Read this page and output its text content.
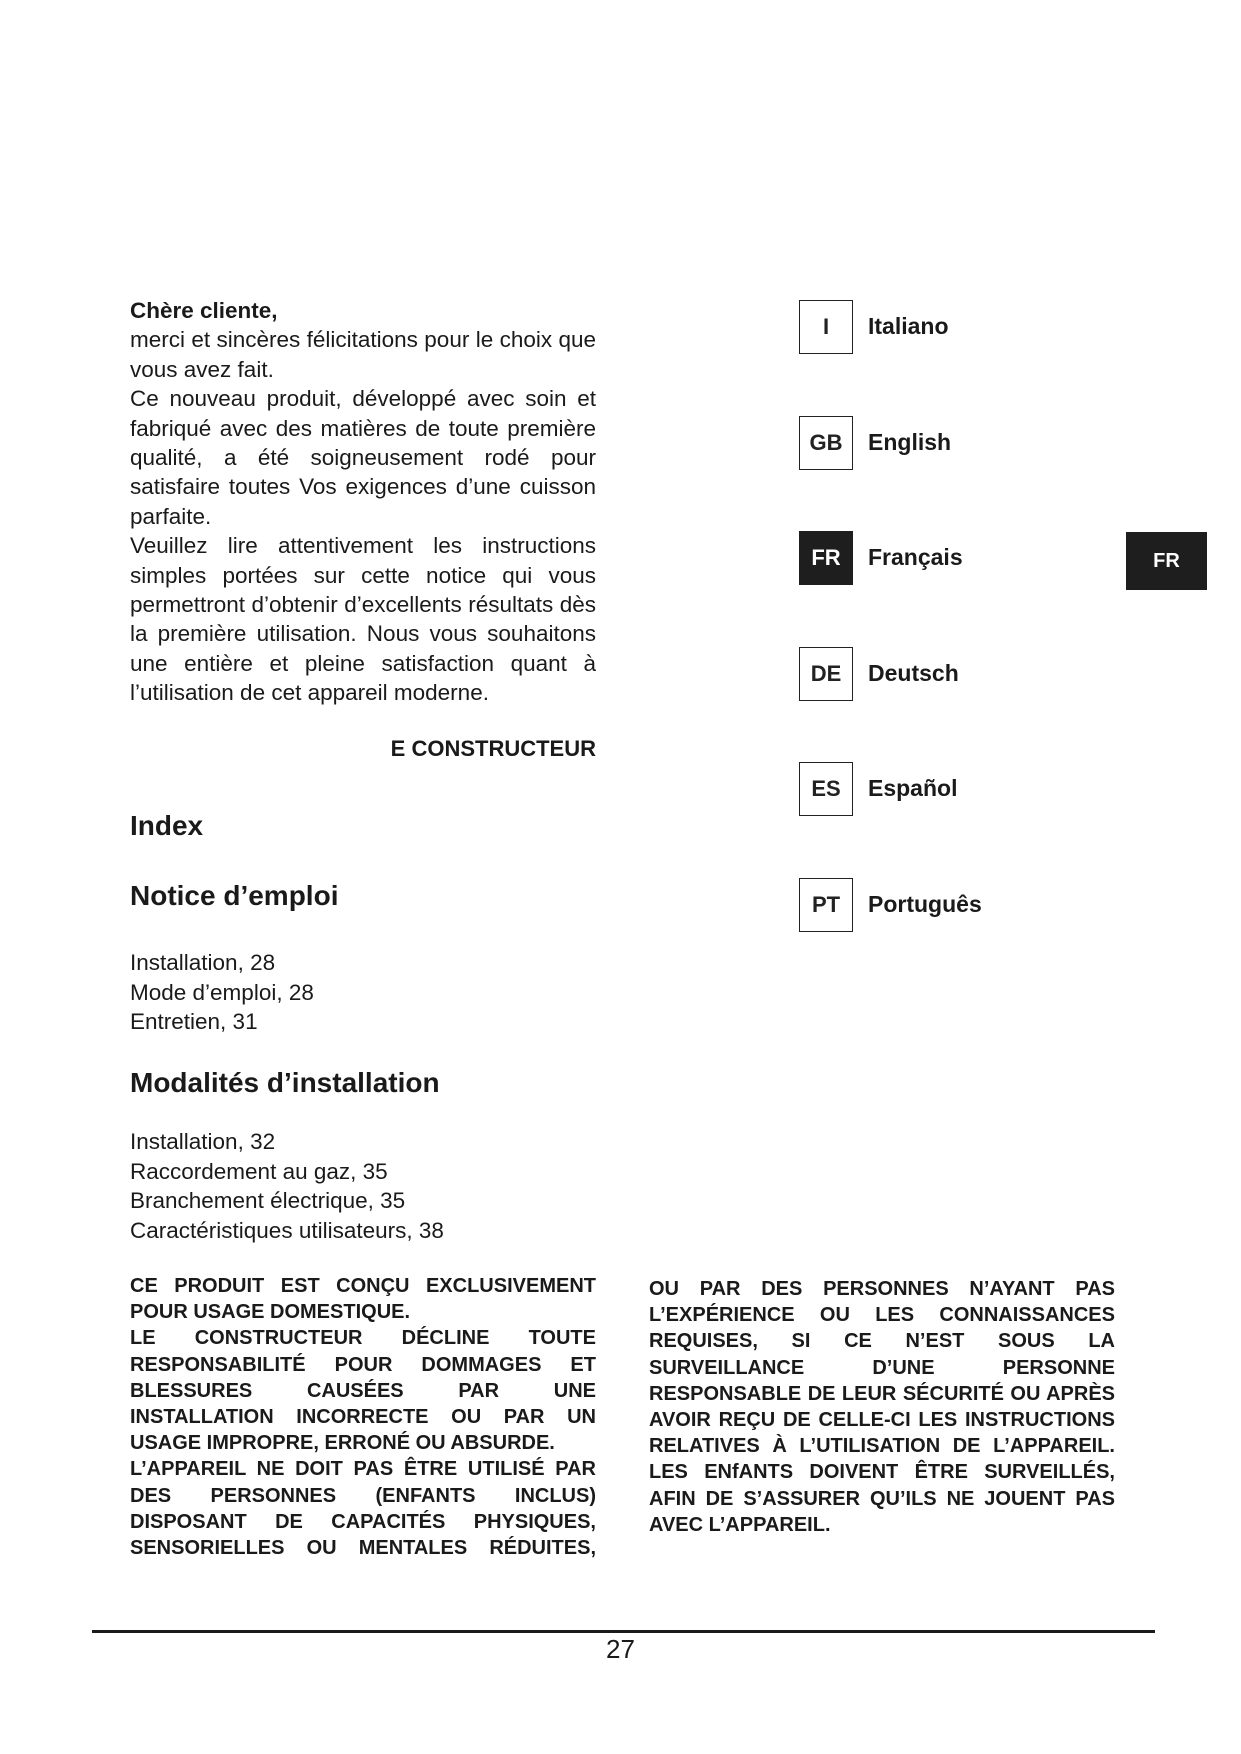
Chère cliente,

merci et sincères félicitations pour le choix que vous avez fait.

Ce nouveau produit, développé avec soin et fabriqué avec des matières de toute première qualité, a été soigneusement rodé pour satisfaire toutes Vos exigences d’une cuisson parfaite.

Veuillez lire attentivement les instructions simples portées sur cette notice qui vous permettront d’obtenir d’excellents résultats dès la première utilisation. Nous vous souhaitons une entière et pleine satisfaction quant à l’utilisation de cet appareil moderne.

E CONSTRUCTEUR
Index
Notice d’emploi
Installation, 28
Mode d’emploi, 28
Entretien, 31
Modalités d’installation
Installation, 32
Raccordement au gaz, 35
Branchement électrique, 35
Caractéristiques utilisateurs, 38
I	Italiano
GB	English
FR	Français
DE	Deutsch
ES	Español
PT	Português
FR

CE PRODUIT EST CONÇU EXCLUSIVEMENT POUR USAGE DOMESTIQUE.

LE CONSTRUCTEUR DÉCLINE TOUTE RESPONSABILITÉ POUR DOMMAGES ET BLESSURES CAUSÉES PAR UNE INSTALLATION INCORRECTE OU PAR UN USAGE IMPROPRE, ERRONÉ OU ABSURDE.

L’APPAREIL NE DOIT PAS ÊTRE UTILISÉ PAR DES PERSONNES (ENFANTS INCLUS) DISPOSANT DE CAPACITÉS PHYSIQUES, SENSORIELLES OU MENTALES RÉDUITES,

OU PAR DES PERSONNES N’AYANT PAS L’EXPÉRIENCE OU LES CONNAISSANCES REQUISES, SI CE N’EST SOUS LA SURVEILLANCE D’UNE PERSONNE RESPONSABLE DE LEUR SÉCURITÉ OU APRÈS AVOIR REÇU DE CELLE-CI LES INSTRUCTIONS RELATIVES À L’UTILISATION DE L’APPAREIL. LES ENfANTS DOIVENT ÊTRE SURVEILLÉS, AFIN DE S’ASSURER QU’ILS NE JOUENT PAS AVEC L’APPAREIL.

27
